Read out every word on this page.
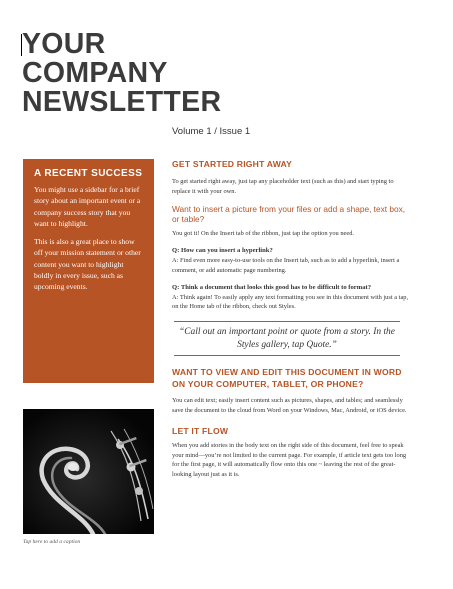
YOUR
COMPANY
NEWSLETTER
Volume 1 / Issue 1
A RECENT SUCCESS

You might use a sidebar for a brief story about an important event or a company success story that you want to highlight.

This is also a great place to show off your mission statement or other content you want to highlight boldly in every issue, such as upcoming events.

Tap here to add a caption
GET STARTED RIGHT AWAY

To get started right away, just tap any placeholder text (such as this) and start typing to replace it with your own.

Want to insert a picture from your files or add a shape, text box, or table?

You got it! On the Insert tab of the ribbon, just tap the option you need.

Q: How can you insert a hyperlink?

A: Find even more easy-to-use tools on the Insert tab, such as to add a hyperlink, insert a comment, or add automatic page numbering.

Q: Think a document that looks this good has to be difficult to format?

A: Think again! To easily apply any text formatting you see in this document with just a tap, on the Home tab of the ribbon, check out Styles.

“Call out an important point or quote from a story. In the Styles gallery, tap Quote.”
WANT TO VIEW AND EDIT THIS DOCUMENT IN WORD ON YOUR COMPUTER, TABLET, OR PHONE?

You can edit text; easily insert content such as pictures, shapes, and tables; and seamlessly save the document to the cloud from Word on your Windows, Mac, Android, or iOS device.

LET IT FLOW

When you add stories in the body text on the right side of this document, feel free to speak your mind—you’re not limited to the current page. For example, if article text gets too long for the first page, it will automatically flow onto this one ~ leaving the rest of the great-looking layout just as it is.
